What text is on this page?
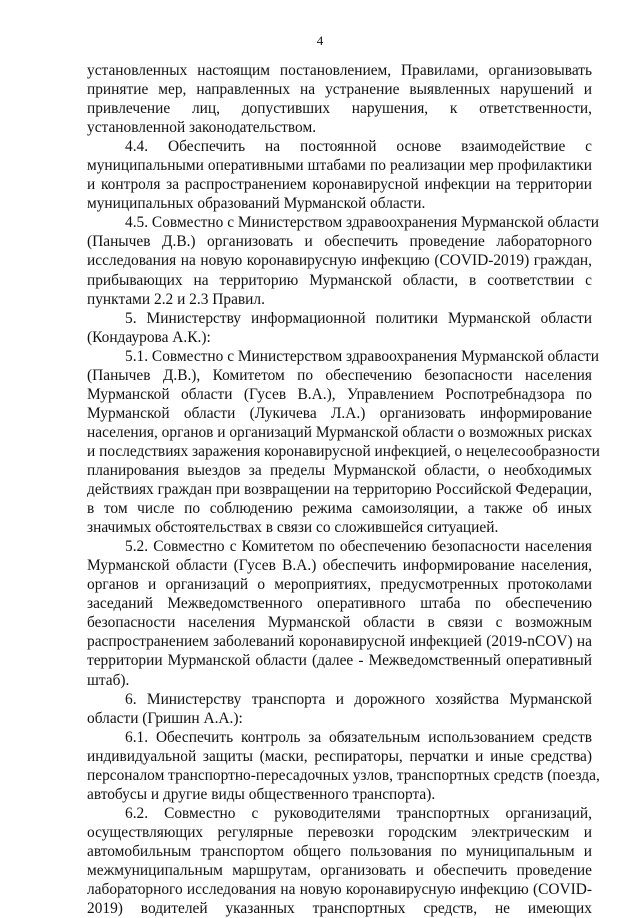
4
установленных настоящим постановлением, Правилами, организовывать
принятие мер, направленных на устранение выявленных нарушений и
привлечение лиц, допустивших нарушения, к ответственности,
установленной законодательством.
4.4. Обеспечить на постоянной основе взаимодействие с
муниципальными оперативными штабами по реализации мер профилактики
и контроля за распространением коронавирусной инфекции на территории
муниципальных образований Мурманской области.
4.5. Совместно с Министерством здравоохранения Мурманской области
(Панычев Д.В.) организовать и обеспечить проведение лабораторного
исследования на новую коронавирусную инфекцию (COVID-2019) граждан,
прибывающих на территорию Мурманской области, в соответствии с
пунктами 2.2 и 2.3 Правил.
5. Министерству информационной политики Мурманской области
(Кондаурова А.К.):
5.1. Совместно с Министерством здравоохранения Мурманской области
(Панычев Д.В.), Комитетом по обеспечению безопасности населения
Мурманской области (Гусев В.А.), Управлением Роспотребнадзора по
Мурманской области (Лукичева Л.А.) организовать информирование
населения, органов и организаций Мурманской области о возможных рисках
и последствиях заражения коронавирусной инфекцией, о нецелесообразности
планирования выездов за пределы Мурманской области, о необходимых
действиях граждан при возвращении на территорию Российской Федерации,
в том числе по соблюдению режима самоизоляции, а также об иных
значимых обстоятельствах в связи со сложившейся ситуацией.
5.2. Совместно с Комитетом по обеспечению безопасности населения
Мурманской области (Гусев В.А.) обеспечить информирование населения,
органов и организаций о мероприятиях, предусмотренных протоколами
заседаний Межведомственного оперативного штаба по обеспечению
безопасности населения Мурманской области в связи с возможным
распространением заболеваний коронавирусной инфекцией (2019-nCOV) на
территории Мурманской области (далее - Межведомственный оперативный
штаб).
6. Министерству транспорта и дорожного хозяйства Мурманской
области (Гришин А.А.):
6.1. Обеспечить контроль за обязательным использованием средств
индивидуальной защиты (маски, респираторы, перчатки и иные средства)
персоналом транспортно-пересадочных узлов, транспортных средств (поезда,
автобусы и другие виды общественного транспорта).
6.2. Совместно с руководителями транспортных организаций,
осуществляющих регулярные перевозки городским электрическим и
автомобильным транспортом общего пользования по муниципальным и
межмуниципальным маршрутам, организовать и обеспечить проведение
лабораторного исследования на новую коронавирусную инфекцию (COVID-
2019) водителей указанных транспортных средств, не имеющих
